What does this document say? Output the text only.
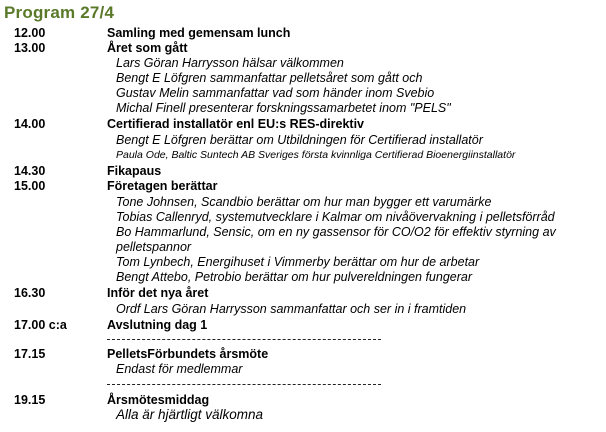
Program 27/4
12.00	Samling med gemensam lunch
13.00	Året som gått
Lars Göran Harrysson hälsar välkommen
Bengt E Löfgren sammanfattar pelletsåret som gått och
Gustav Melin sammanfattar vad som händer inom Svebio
Michal Finell presenterar forskningssamarbetet inom "PELS"
14.00	Certifierad installatör enl EU:s RES-direktiv
Bengt E Löfgren berättar om Utbildningen för Certifierad installatör
Paula Ode, Baltic Suntech AB Sveriges första kvinnliga Certifierad Bioenergiinstallatör
14.30	Fikapaus
15.00	Företagen berättar
Tone Johnsen, Scandbio berättar om hur man bygger ett varumärke
Tobias Callenryd, systemutvecklare i Kalmar om nivåövervakning i pelletsförråd
Bo Hammarlund, Sensic, om en ny gassensor för CO/O2 för effektiv styrning av
pelletspannor
Tom Lynbech, Energihuset i Vimmerby berättar om hur de arbetar
Bengt Attebo, Petrobio berättar om hur pulvereldningen fungerar
16.30	Inför det nya året
Ordf Lars Göran Harrysson sammanfattar och ser in i framtiden
17.00 c:a	Avslutning dag 1
17.15	PelletsFörbundets årsmöte
Endast för medlemmar
19.15	Årsmötesmiddag
Alla är hjärtligt välkomna
